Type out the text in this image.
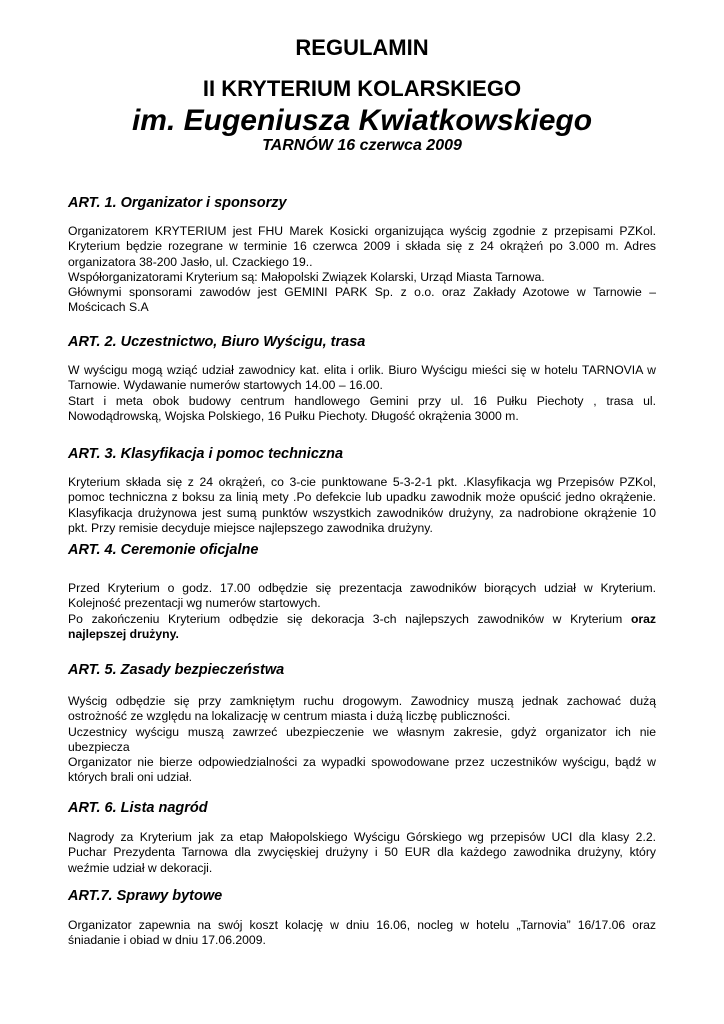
REGULAMIN
II KRYTERIUM KOLARSKIEGO
im. Eugeniusza Kwiatkowskiego
TARNÓW 16 czerwca 2009

ART. 1. Organizator i sponsorzy

Organizatorem KRYTERIUM jest FHU Marek Kosicki organizująca wyścig zgodnie z przepisami PZKol.
Kryterium będzie rozegrane w terminie 16 czerwca 2009 i składa się z 24 okrążeń po 3.000 m. Adres
organizatora 38-200 Jasło, ul. Czackiego 19..
Współorganizatorami Kryterium są: Małopolski Związek Kolarski, Urząd Miasta Tarnowa.
Głównymi sponsorami zawodów jest GEMINI PARK Sp. z o.o. oraz Zakłady Azotowe w Tarnowie –
Mościcach S.A

ART. 2. Uczestnictwo, Biuro Wyścigu, trasa

W wyścigu mogą wziąć udział zawodnicy kat. elita i orlik. Biuro Wyścigu mieści się w hotelu TARNOVIA w
Tarnowie. Wydawanie numerów startowych 14.00 – 16.00.
Start i meta obok budowy centrum handlowego Gemini przy ul. 16 Pułku Piechoty , trasa ul.
Nowodądrowską, Wojska Polskiego, 16 Pułku Piechoty. Długość okrążenia 3000 m.

ART. 3. Klasyfikacja i pomoc techniczna

Kryterium składa się z 24 okrążeń, co 3-cie punktowane 5-3-2-1 pkt. .Klasyfikacja wg Przepisów PZKol,
pomoc techniczna z boksu za linią mety .Po defekcie lub upadku zawodnik może opuścić jedno okrążenie.
Klasyfikacja drużynowa jest sumą punktów wszystkich zawodników drużyny, za nadrobione okrążenie 10
pkt. Przy remisie decyduje miejsce najlepszego zawodnika drużyny.

ART. 4. Ceremonie oficjalne

Przed Kryterium o godz. 17.00 odbędzie się prezentacja zawodników biorących udział w Kryterium.
Kolejność prezentacji wg numerów startowych.
Po zakończeniu Kryterium odbędzie się dekoracja 3-ch najlepszych zawodników w Kryterium oraz
najlepszej drużyny.

ART. 5. Zasady bezpieczeństwa

Wyścig odbędzie się przy zamkniętym ruchu drogowym. Zawodnicy muszą jednak zachować dużą
ostrożność ze względu na lokalizację w centrum miasta i dużą liczbę publiczności.
Uczestnicy wyścigu muszą zawrzeć ubezpieczenie we własnym zakresie, gdyż organizator ich nie
ubezpiecza
Organizator nie bierze odpowiedzialności za wypadki spowodowane przez uczestników wyścigu, bądź w
których brali oni udział.

ART. 6. Lista nagród

Nagrody za Kryterium jak za etap Małopolskiego Wyścigu Górskiego wg przepisów UCI dla klasy 2.2.
Puchar Prezydenta Tarnowa dla zwycięskiej drużyny i 50 EUR dla każdego zawodnika drużyny, który
weźmie udział w dekoracji.

ART.7. Sprawy bytowe

Organizator zapewnia na swój koszt kolację w dniu 16.06, nocleg w hotelu „Tarnovia” 16/17.06 oraz
śniadanie i obiad w dniu 17.06.2009.
